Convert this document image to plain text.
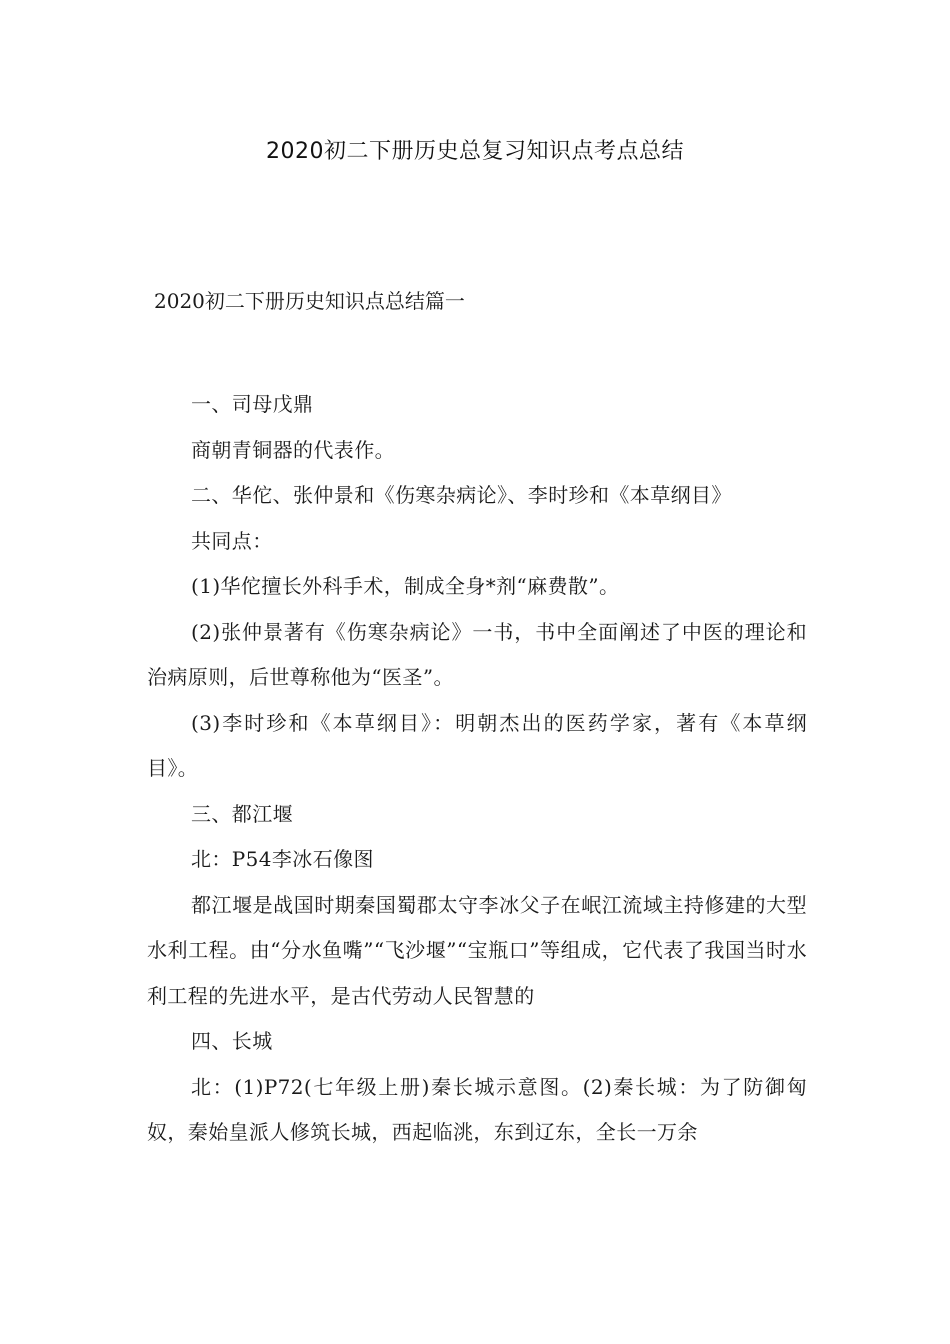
2020初二下册历史总复习知识点考点总结
2020初二下册历史知识点总结篇一

一、司母戊鼎

商朝青铜器的代表作。

二、华佗、张仲景和《伤寒杂病论》、李时珍和《本草纲目》

共同点：

(1)华佗擅长外科手术，制成全身*剂“麻费散”。

(2)张仲景著有《伤寒杂病论》一书，书中全面阐述了中医的理论和治病原则，后世尊称他为“医圣”。

(3)李时珍和《本草纲目》：明朝杰出的医药学家，著有《本草纲目》。

三、都江堰

北：P54李冰石像图

都江堰是战国时期秦国蜀郡太守李冰父子在岷江流域主持修建的大型水利工程。由“分水鱼嘴”“飞沙堰”“宝瓶口”等组成，它代表了我国当时水利工程的先进水平，是古代劳动人民智慧的

四、长城

北：(1)P72(七年级上册)秦长城示意图。(2)秦长城：为了防御匈奴，秦始皇派人修筑长城，西起临洮，东到辽东，全长一万余
